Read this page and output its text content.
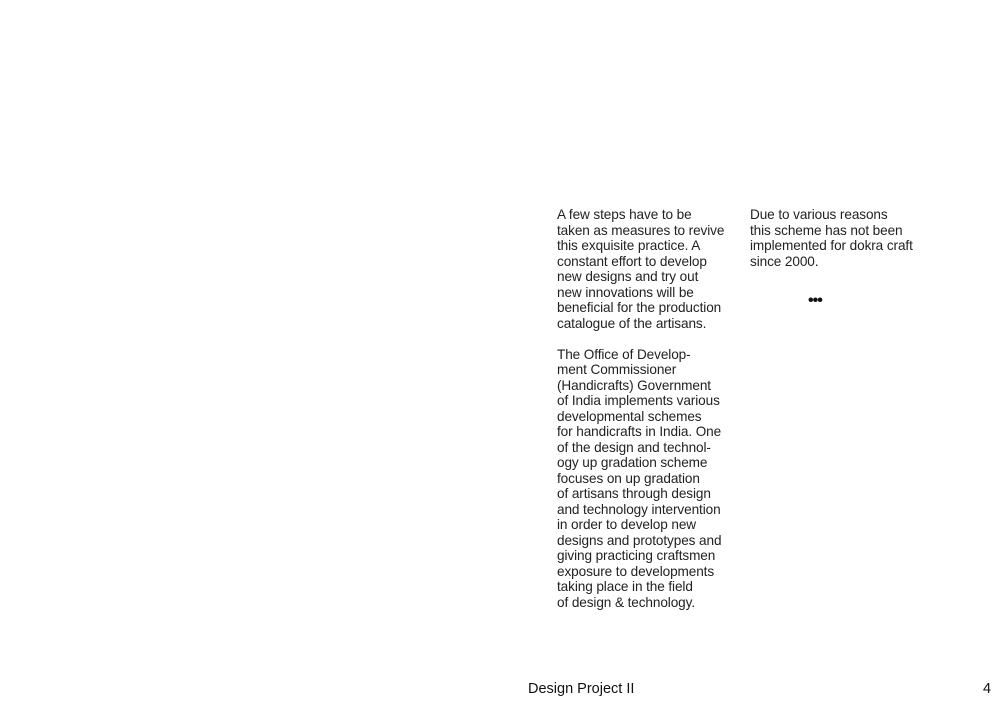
A few steps have to be
taken as measures to revive
this exquisite practice. A
constant effort to develop
new designs and try out
new innovations will be
beneficial for the production
catalogue of the artisans.

The Office of Develop-
ment Commissioner
(Handicrafts) Government
of India implements various
developmental schemes
for handicrafts in India. One
of the design and technol-
ogy up gradation scheme
focuses on up gradation
of artisans through design
and technology intervention
in order to develop new
designs and prototypes and
giving practicing craftsmen
exposure to developments
taking place in the field
of design & technology.

Due to various reasons
this scheme has not been
implemented for dokra craft
since 2000.

•••
Design Project II	4
